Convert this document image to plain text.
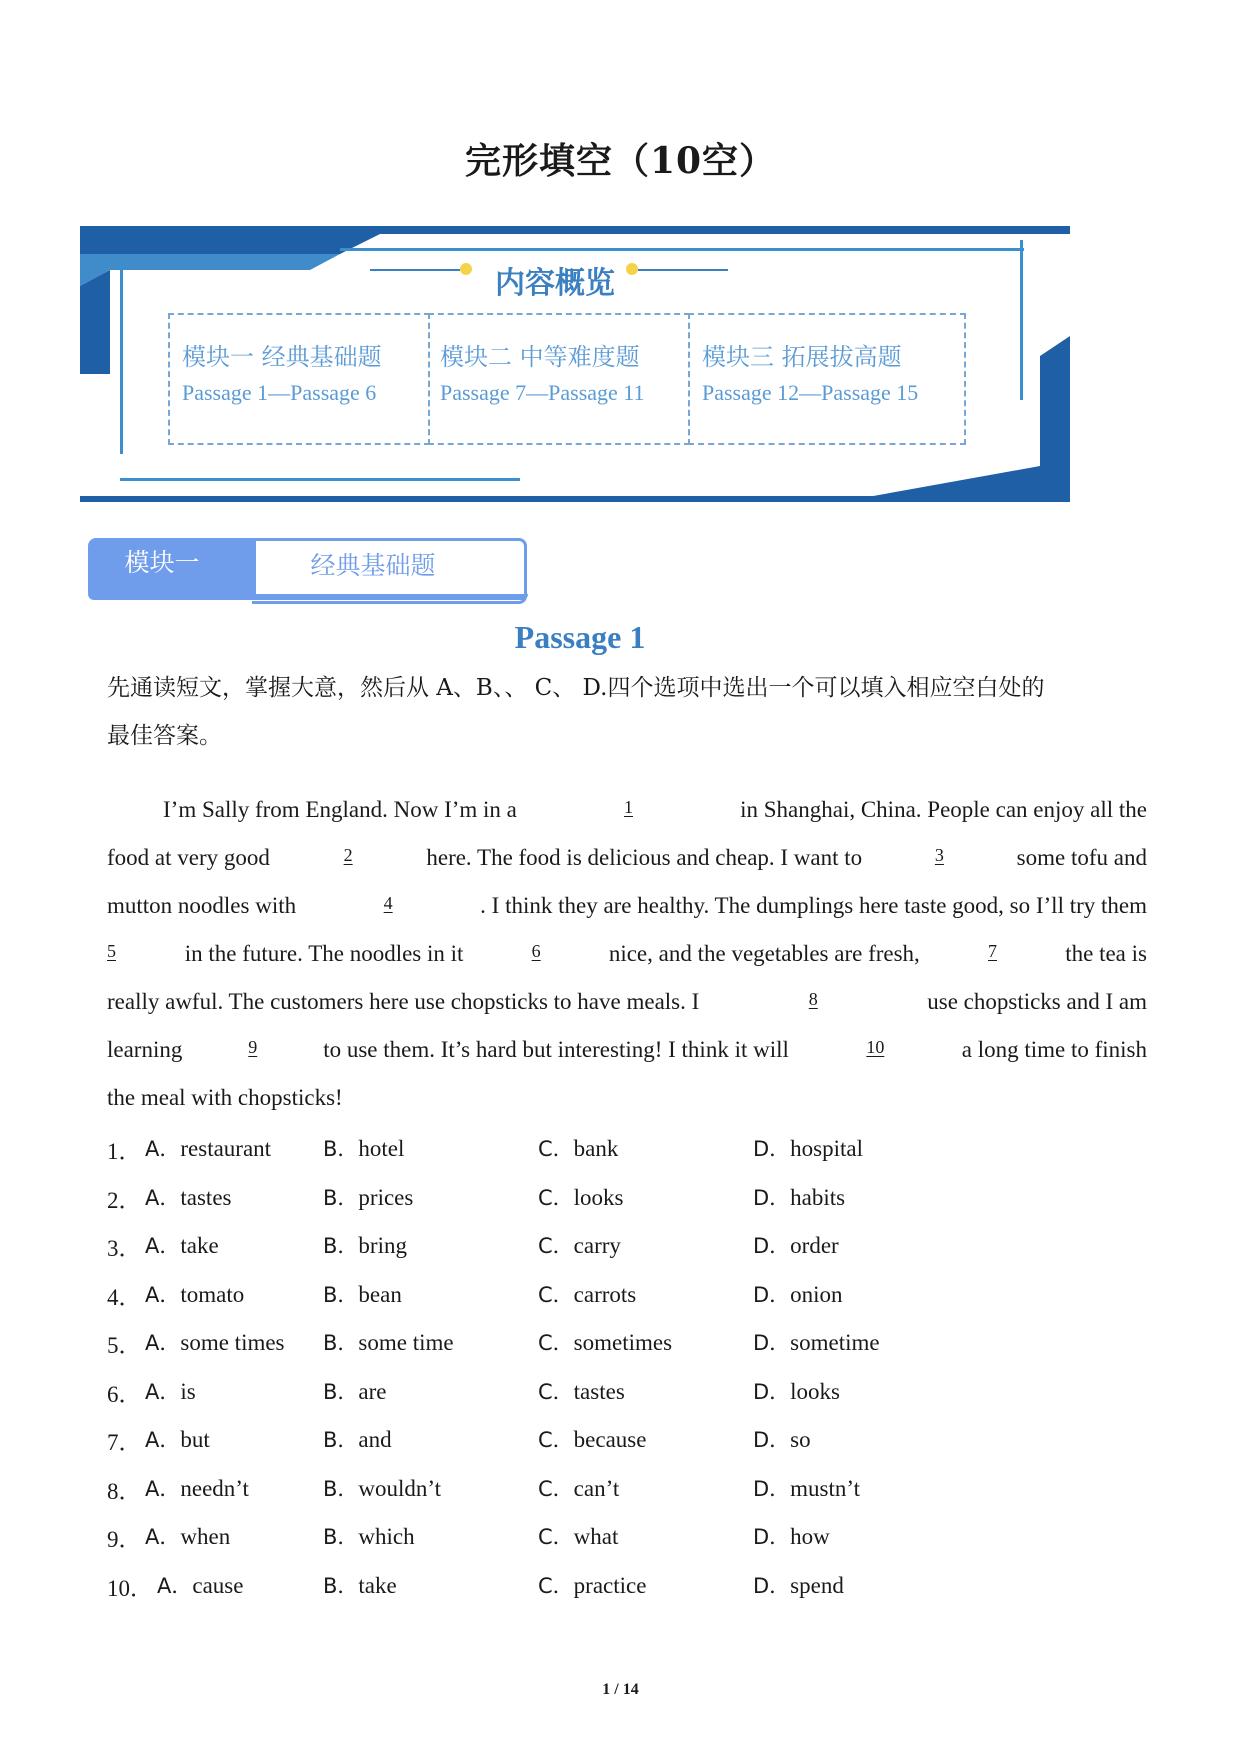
完形填空（10空）
内容概览
模块一 经典基础题
Passage 1—Passage 6
模块二 中等难度题
Passage 7—Passage 11
模块三 拓展拔高题
Passage 12—Passage 15
模块一	经典基础题
Passage 1
先通读短文，掌握大意，然后从 A、B、、 C、 D.四个选项中选出一个可以填入相应空白处的
最佳答案。
I’m Sally from England. Now I’m in a	1	in Shanghai, China. People can enjoy all the
food at very good	2	here. The food is delicious and cheap. I want to	3	some tofu and
mutton noodles with	4	. I think they are healthy. The dumplings here taste good, so I’ll try them
5	in the future. The noodles in it	6	nice, and the vegetables are fresh,	7	the tea is
really awful. The customers here use chopsticks to have meals. I	8	use chopsticks and I am
learning	9	to use them. It’s hard but interesting! I think it will	10	a long time to finish
the meal with chopsticks!
1． A．restaurant B．hotel	C．bank	D．hospital
2． A．tastes	B．prices	C．looks	D．habits
3． A．take	B．bring	C．carry	D．order
4． A．tomato	B．bean	C．carrots	D．onion
5． A．some times B．some time	C．sometimes	D．sometime
6． A．is	B．are	C．tastes	D．looks
7． A．but	B．and	C．because	D．so
8． A．needn’t	B．wouldn’t	C．can’t	D．mustn’t
9． A．when	B．which	C．what	D．how
10． A．cause	B．take	C．practice	D．spend
1 / 14
